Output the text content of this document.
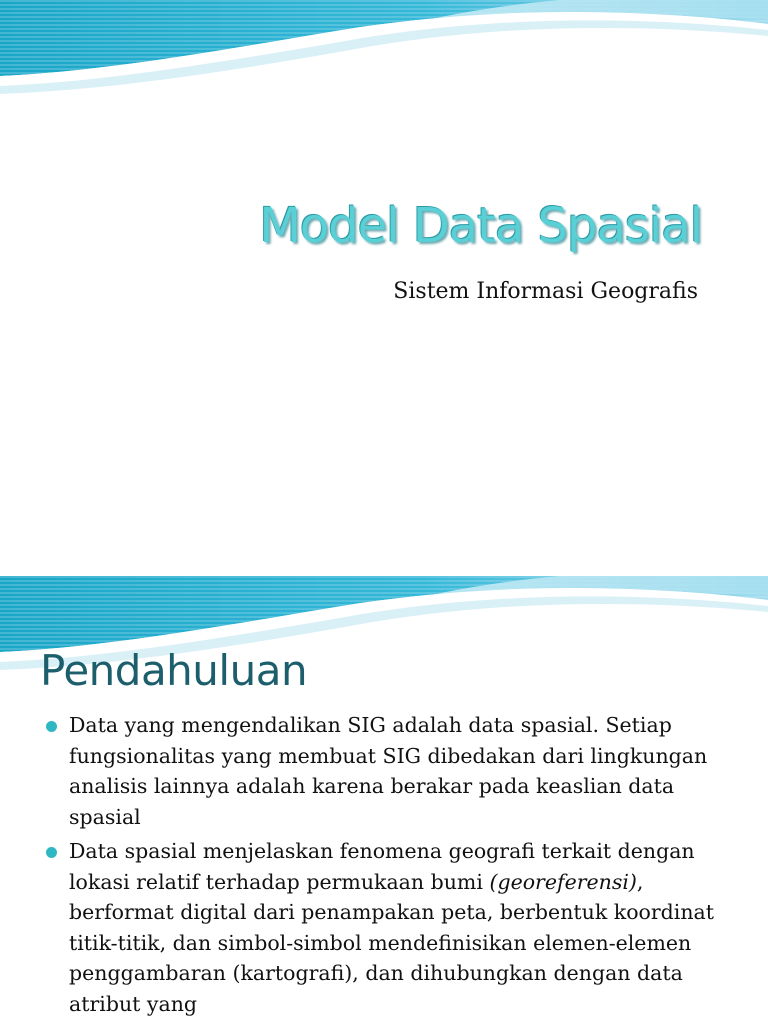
Model Data Spasial
Sistem Informasi Geografis
Pendahuluan
Data yang mengendalikan SIG adalah data spasial. Setiap fungsionalitas yang membuat SIG dibedakan dari lingkungan analisis lainnya adalah karena berakar pada keaslian data spasial
Data spasial menjelaskan fenomena geografi terkait dengan lokasi relatif terhadap permukaan bumi (georeferensi), berformat digital dari penampakan peta, berbentuk koordinat titik-titik, dan simbol-simbol mendefinisikan elemen-elemen penggambaran (kartografi), dan dihubungkan dengan data atribut yang
